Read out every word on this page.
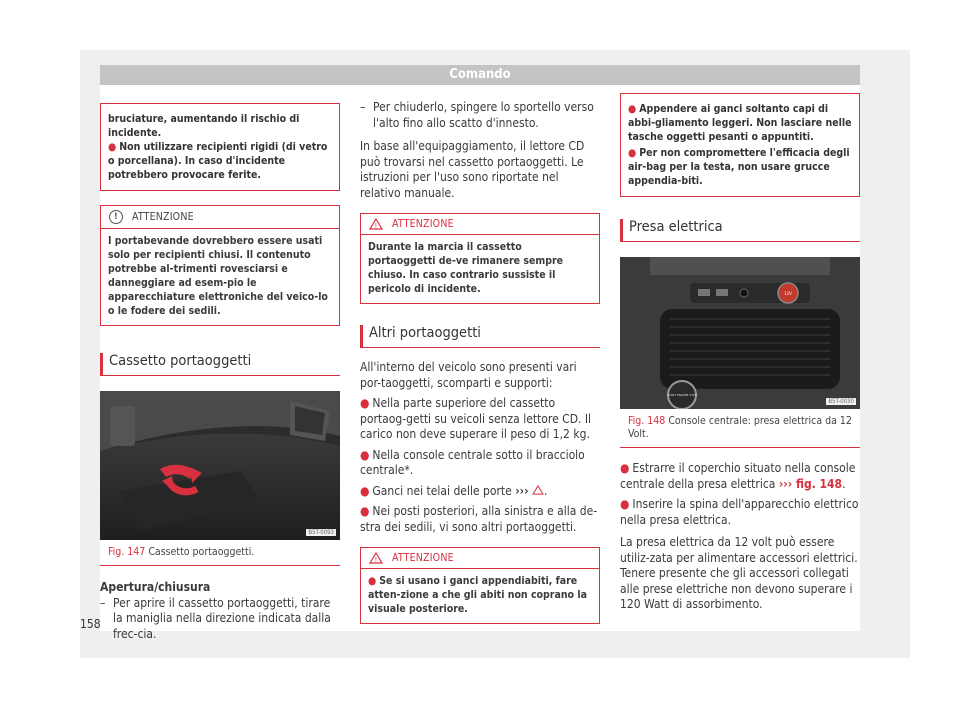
Comando

bruciature, aumentando il rischio di incidente.

● Non utilizzare recipienti rigidi (di vetro o porcellana). In caso d'incidente potrebbero provocare ferite.

!	ATTENZIONE

I portabevande dovrebbero essere usati solo per recipienti chiusi. Il contenuto potrebbe al-trimenti rovesciarsi e danneggiare ad esem-pio le apparecchiature elettroniche del veico-lo o le fodere dei sedili.

Cassetto portaoggetti
B5T-0093
Fig. 147 Cassetto portaoggetti.

Apertura/chiusura

– Per aprire il cassetto portaoggetti, tirare la maniglia nella direzione indicata dalla frec-cia.

– Per chiuderlo, spingere lo sportello verso l'alto fino allo scatto d'innesto.

In base all'equipaggiamento, il lettore CD può trovarsi nel cassetto portaoggetti. Le istruzioni per l'uso sono riportate nel relativo manuale.

! ATTENZIONE

Durante la marcia il cassetto portaoggetti de-ve rimanere sempre chiuso. In caso contrario sussiste il pericolo di incidente.

Altri portaoggetti

All'interno del veicolo sono presenti vari por-taoggetti, scomparti e supporti:

● Nella parte superiore del cassetto portaog-getti su veicoli senza lettore CD. Il carico non deve superare il peso di 1,2 kg.

● Nella console centrale sotto il bracciolo centrale*.

● Ganci nei telai delle porte ››› .

● Nei posti posteriori, alla sinistra e alla de-stra dei sedili, vi sono altri portaoggetti.

! ATTENZIONE

● Se si usano i ganci appendiabiti, fare atten-zione a che gli abiti non coprano la visuale posteriore.

● Appendere ai ganci soltanto capi di abbi-gliamento leggeri. Non lasciare nelle tasche oggetti pesanti o appuntiti.

● Per non compromettere l'efficacia degli air-bag per la testa, non usare grucce appendia-biti.

Presa elettrica
12V
START ENGINE STOP
B5T-0030
Fig. 148 Console centrale: presa elettrica da 12 Volt.

● Estrarre il coperchio situato nella console centrale della presa elettrica ››› fig. 148.

● Inserire la spina dell'apparecchio elettrico nella presa elettrica.

La presa elettrica da 12 volt può essere utiliz-zata per alimentare accessori elettrici. Tenere presente che gli accessori collegati alle prese elettriche non devono superare i 120 Watt di assorbimento.

158
